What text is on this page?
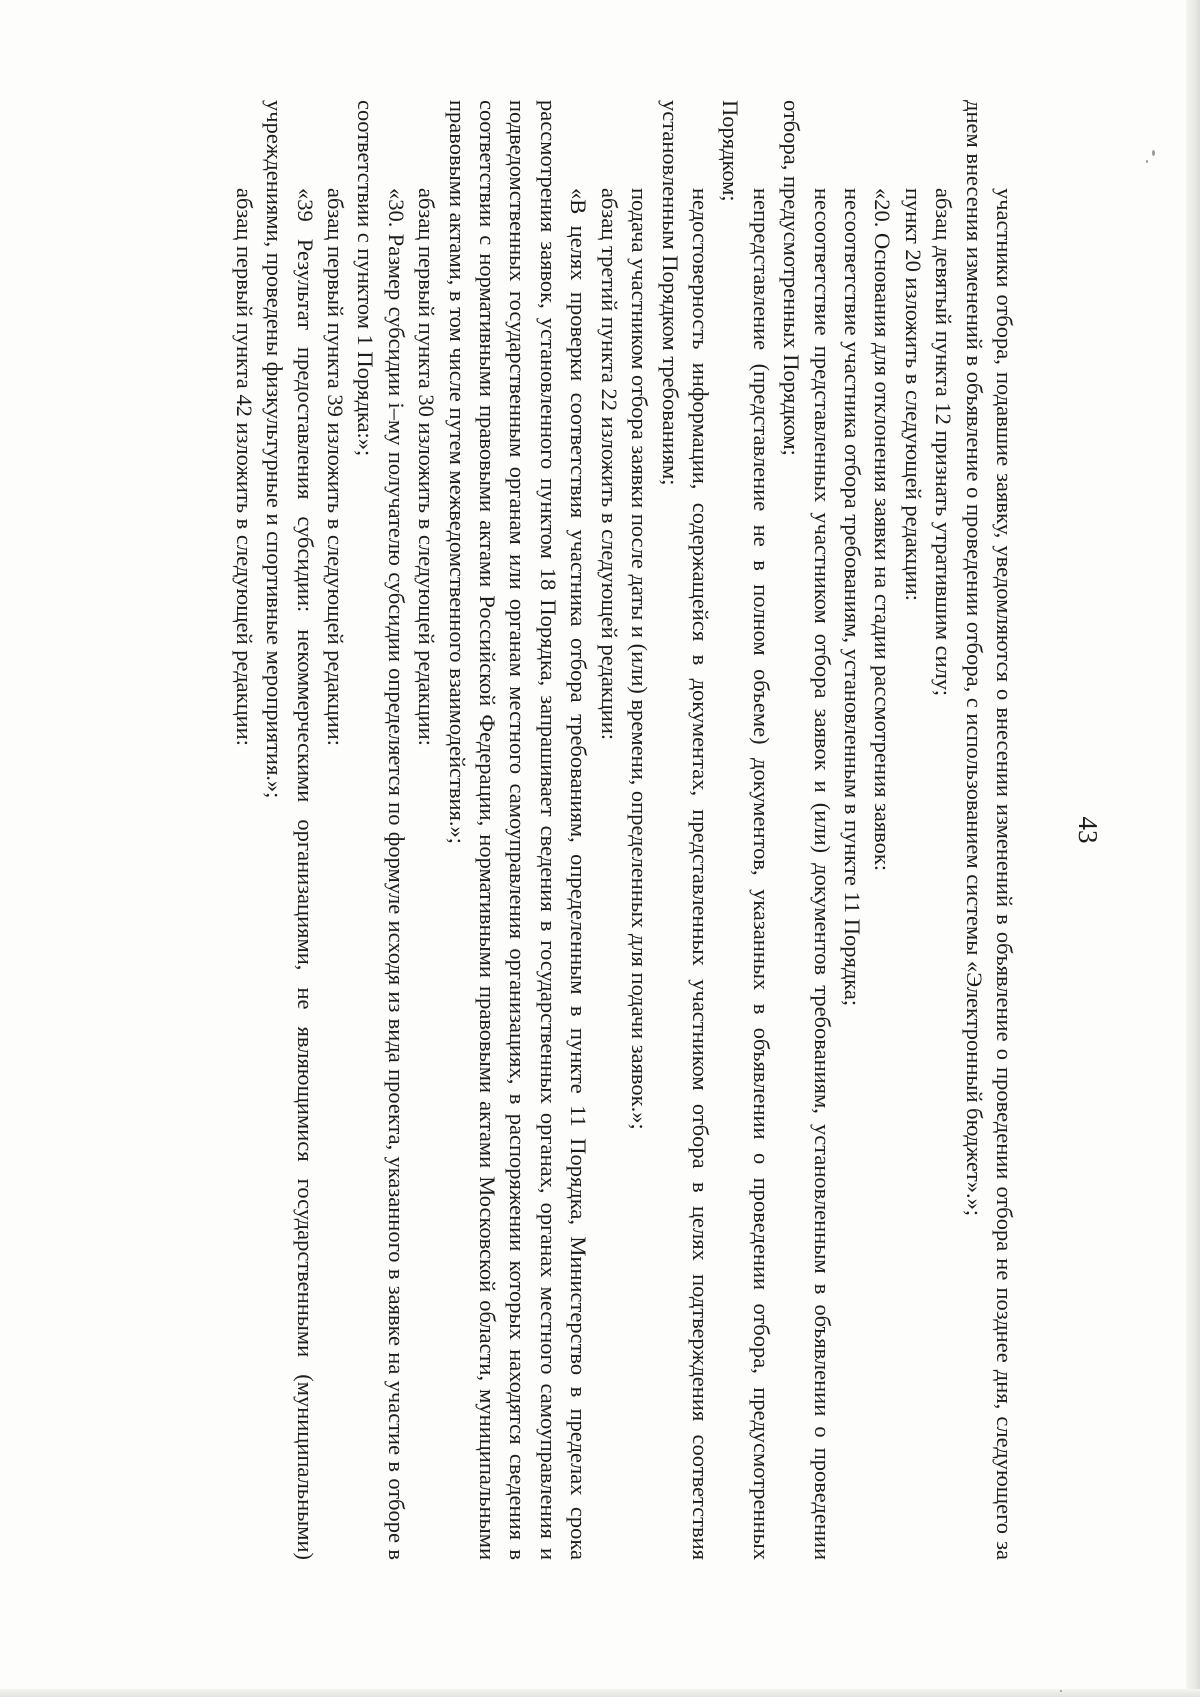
43

участники отбора, подавшие заявку, уведомляются о внесении изменений в объявление о проведении отбора не позднее дня, следующего за днем внесения изменений в объявление о проведении отбора, с использованием системы «Электронный бюджет».»;

абзац девятый пункта 12 признать утратившим силу;

пункт 20 изложить в следующей редакции:

«20. Основания для отклонения заявки на стадии рассмотрения заявок:

несоответствие участника отбора требованиям, установленным в пункте 11 Порядка;

несоответствие представленных участником отбора заявок и (или) документов требованиям, установленным в объявлении о проведении отбора, предусмотренных Порядком;

непредставление (представление не в полном объеме) документов, указанных в объявлении о проведении отбора, предусмотренных Порядком;

недостоверность информации, содержащейся в документах, представленных участником отбора в целях подтверждения соответствия установленным Порядком требованиям;

подача участником отбора заявки после даты и (или) времени, определенных для подачи заявок.»;

абзац третий пункта 22 изложить в следующей редакции:

«В целях проверки соответствия участника отбора требованиям, определенным в пункте 11 Порядка, Министерство в пределах срока рассмотрения заявок, установленного пунктом 18 Порядка, запрашивает сведения в государственных органах, органах местного самоуправления и подведомственных государственным органам или органам местного самоуправления организациях, в распоряжении которых находятся сведения в соответствии с нормативными правовыми актами Российской Федерации, нормативными правовыми актами Московской области, муниципальными правовыми актами, в том числе путем межведомственного взаимодействия.»;

абзац первый пункта 30 изложить в следующей редакции:

«30. Размер субсидии i–му получателю субсидии определяется по формуле исходя из вида проекта, указанного в заявке на участие в отборе в соответствии с пунктом 1 Порядка:»;

абзац первый пункта 39 изложить в следующей редакции:

«39 Результат предоставления субсидии: некоммерческими организациями, не являющимися государственными (муниципальными) учреждениями, проведены физкультурные и спортивные мероприятия.»;

абзац первый пункта 42 изложить в следующей редакции:
